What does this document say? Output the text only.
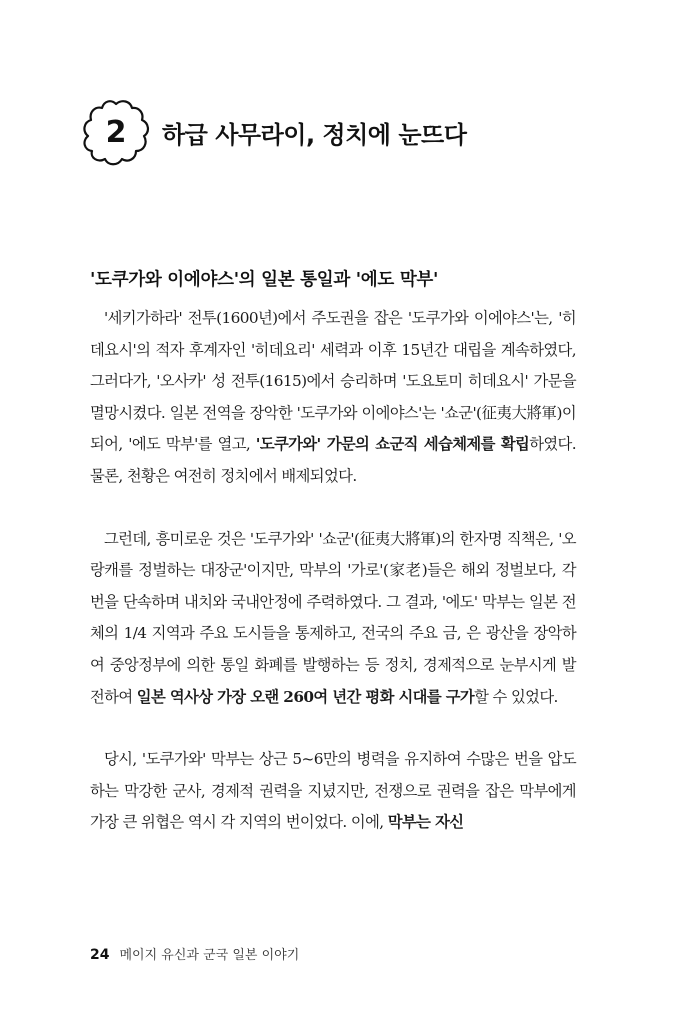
2	하급 사무라이, 정치에 눈뜨다
'도쿠가와 이에야스'의 일본 통일과 '에도 막부'

'세키가하라' 전투(1600년)에서 주도권을 잡은 '도쿠가와 이에야스'는, '히데요시'의 적자 후계자인 '히데요리' 세력과 이후 15년간 대립을 계속하였다, 그러다가, '오사카' 성 전투(1615)에서 승리하며 '도요토미 히데요시' 가문을 멸망시켰다. 일본 전역을 장악한 '도쿠가와 이에야스'는 '쇼군'(征夷大將軍)이 되어, '에도 막부'를 열고, '도쿠가와' 가문의 쇼군직 세습체제를 확립하였다. 물론, 천황은 여전히 정치에서 배제되었다.

그런데, 흥미로운 것은 '도쿠가와' '쇼군'(征夷大將軍)의 한자명 직책은, '오랑캐를 정벌하는 대장군'이지만, 막부의 '가로'(家老)들은 해외 정벌보다, 각 번을 단속하며 내치와 국내안정에 주력하였다. 그 결과, '에도' 막부는 일본 전체의 1/4 지역과 주요 도시들을 통제하고, 전국의 주요 금, 은 광산을 장악하여 중앙정부에 의한 통일 화폐를 발행하는 등 정치, 경제적으로 눈부시게 발전하여 일본 역사상 가장 오랜 260여 년간 평화 시대를 구가할 수 있었다.

당시, '도쿠가와' 막부는 상근 5~6만의 병력을 유지하여 수많은 번을 압도하는 막강한 군사, 경제적 권력을 지녔지만, 전쟁으로 권력을 잡은 막부에게 가장 큰 위협은 역시 각 지역의 번이었다. 이에, 막부는 자신

24 메이지 유신과 군국 일본 이야기
